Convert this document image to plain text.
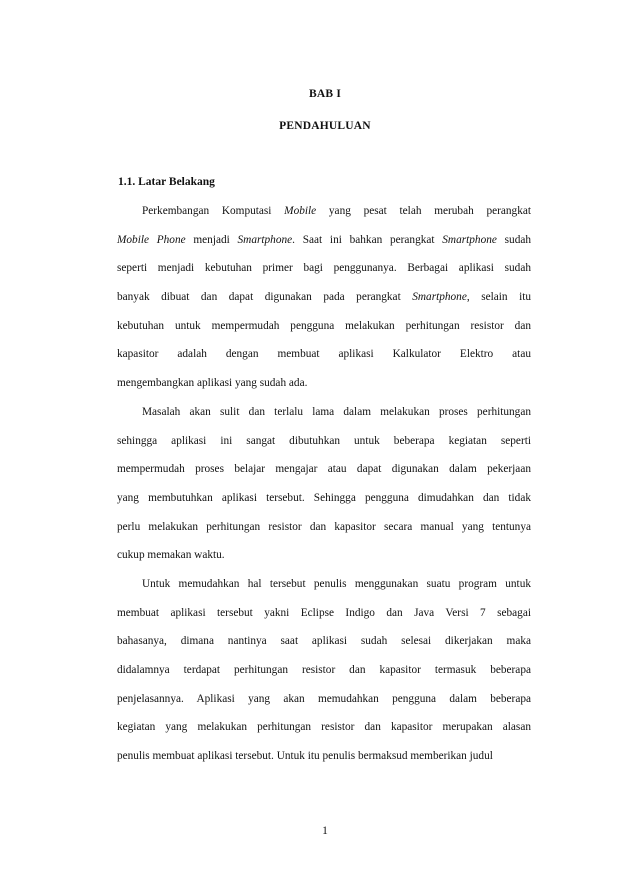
BAB I
PENDAHULUAN
1.1. Latar Belakang
Perkembangan Komputasi Mobile yang pesat telah merubah perangkat
Mobile Phone menjadi Smartphone. Saat ini bahkan perangkat Smartphone sudah
seperti menjadi kebutuhan primer bagi penggunanya. Berbagai aplikasi sudah
banyak dibuat dan dapat digunakan pada perangkat Smartphone, selain itu
kebutuhan untuk mempermudah pengguna melakukan perhitungan resistor dan
kapasitor adalah dengan membuat aplikasi Kalkulator Elektro atau
mengembangkan aplikasi yang sudah ada.
Masalah akan sulit dan terlalu lama dalam melakukan proses perhitungan
sehingga aplikasi ini sangat dibutuhkan untuk beberapa kegiatan seperti
mempermudah proses belajar mengajar atau dapat digunakan dalam pekerjaan
yang membutuhkan aplikasi tersebut. Sehingga pengguna dimudahkan dan tidak
perlu melakukan perhitungan resistor dan kapasitor secara manual yang tentunya
cukup memakan waktu.
Untuk memudahkan hal tersebut penulis menggunakan suatu program untuk
membuat aplikasi tersebut yakni Eclipse Indigo dan Java Versi 7 sebagai
bahasanya, dimana nantinya saat aplikasi sudah selesai dikerjakan maka
didalamnya terdapat perhitungan resistor dan kapasitor termasuk beberapa
penjelasannya. Aplikasi yang akan memudahkan pengguna dalam beberapa
kegiatan yang melakukan perhitungan resistor dan kapasitor merupakan alasan
penulis membuat aplikasi tersebut. Untuk itu penulis bermaksud memberikan judul
1
